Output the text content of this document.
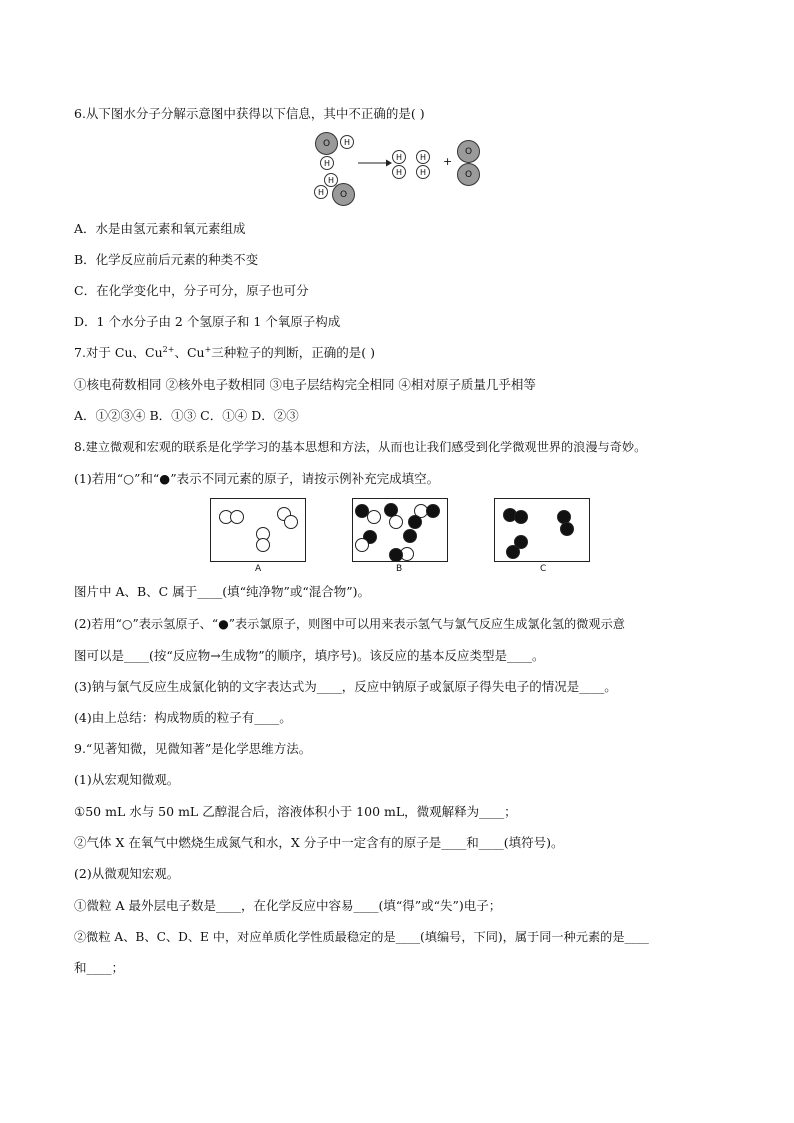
6.从下图水分子分解示意图中获得以下信息，其中不正确的是( )
O	H
H
H
H	O
H
H
H
H
+
O
O
A．水是由氢元素和氧元素组成
B．化学反应前后元素的种类不变
C．在化学变化中，分子可分，原子也可分
D．1 个水分子由 2 个氢原子和 1 个氧原子构成
7.对于 Cu、$Cu^{2+}$、Cu+三种粒子的判断，正确的是( )
①核电荷数相同 ②核外电子数相同 ③电子层结构完全相同 ④相对原子质量几乎相等
A．①②③④ B．①③ C．①④ D．②③
8.建立微观和宏观的联系是化学学习的基本思想和方法，从而也让我们感受到化学微观世界的浪漫与奇妙。
(1)若用“○”和“●”表示不同元素的原子，请按示例补充完成填空。
A	B	C
图片中 A、B、C 属于____(填“纯净物”或“混合物”)。
(2)若用“○”表示氢原子、“●”表示氯原子，则图中可以用来表示氢气与氯气反应生成氯化氢的微观示意
图可以是____(按“反应物→生成物”的顺序，填序号)。该反应的基本反应类型是____。
(3)钠与氯气反应生成氯化钠的文字表达式为____，反应中钠原子或氯原子得失电子的情况是____。
(4)由上总结：构成物质的粒子有____。
9.“见著知微，见微知著”是化学思维方法。
(1)从宏观知微观。
①50 mL 水与 50 mL 乙醇混合后，溶液体积小于 100 mL，微观解释为____；
②气体 X 在氧气中燃烧生成氮气和水，X 分子中一定含有的原子是____和____(填符号)。
(2)从微观知宏观。
①微粒 A 最外层电子数是____，在化学反应中容易____(填“得”或“失”)电子；
②微粒 A、B、C、D、E 中，对应单质化学性质最稳定的是____(填编号，下同)，属于同一种元素的是____
和____；
